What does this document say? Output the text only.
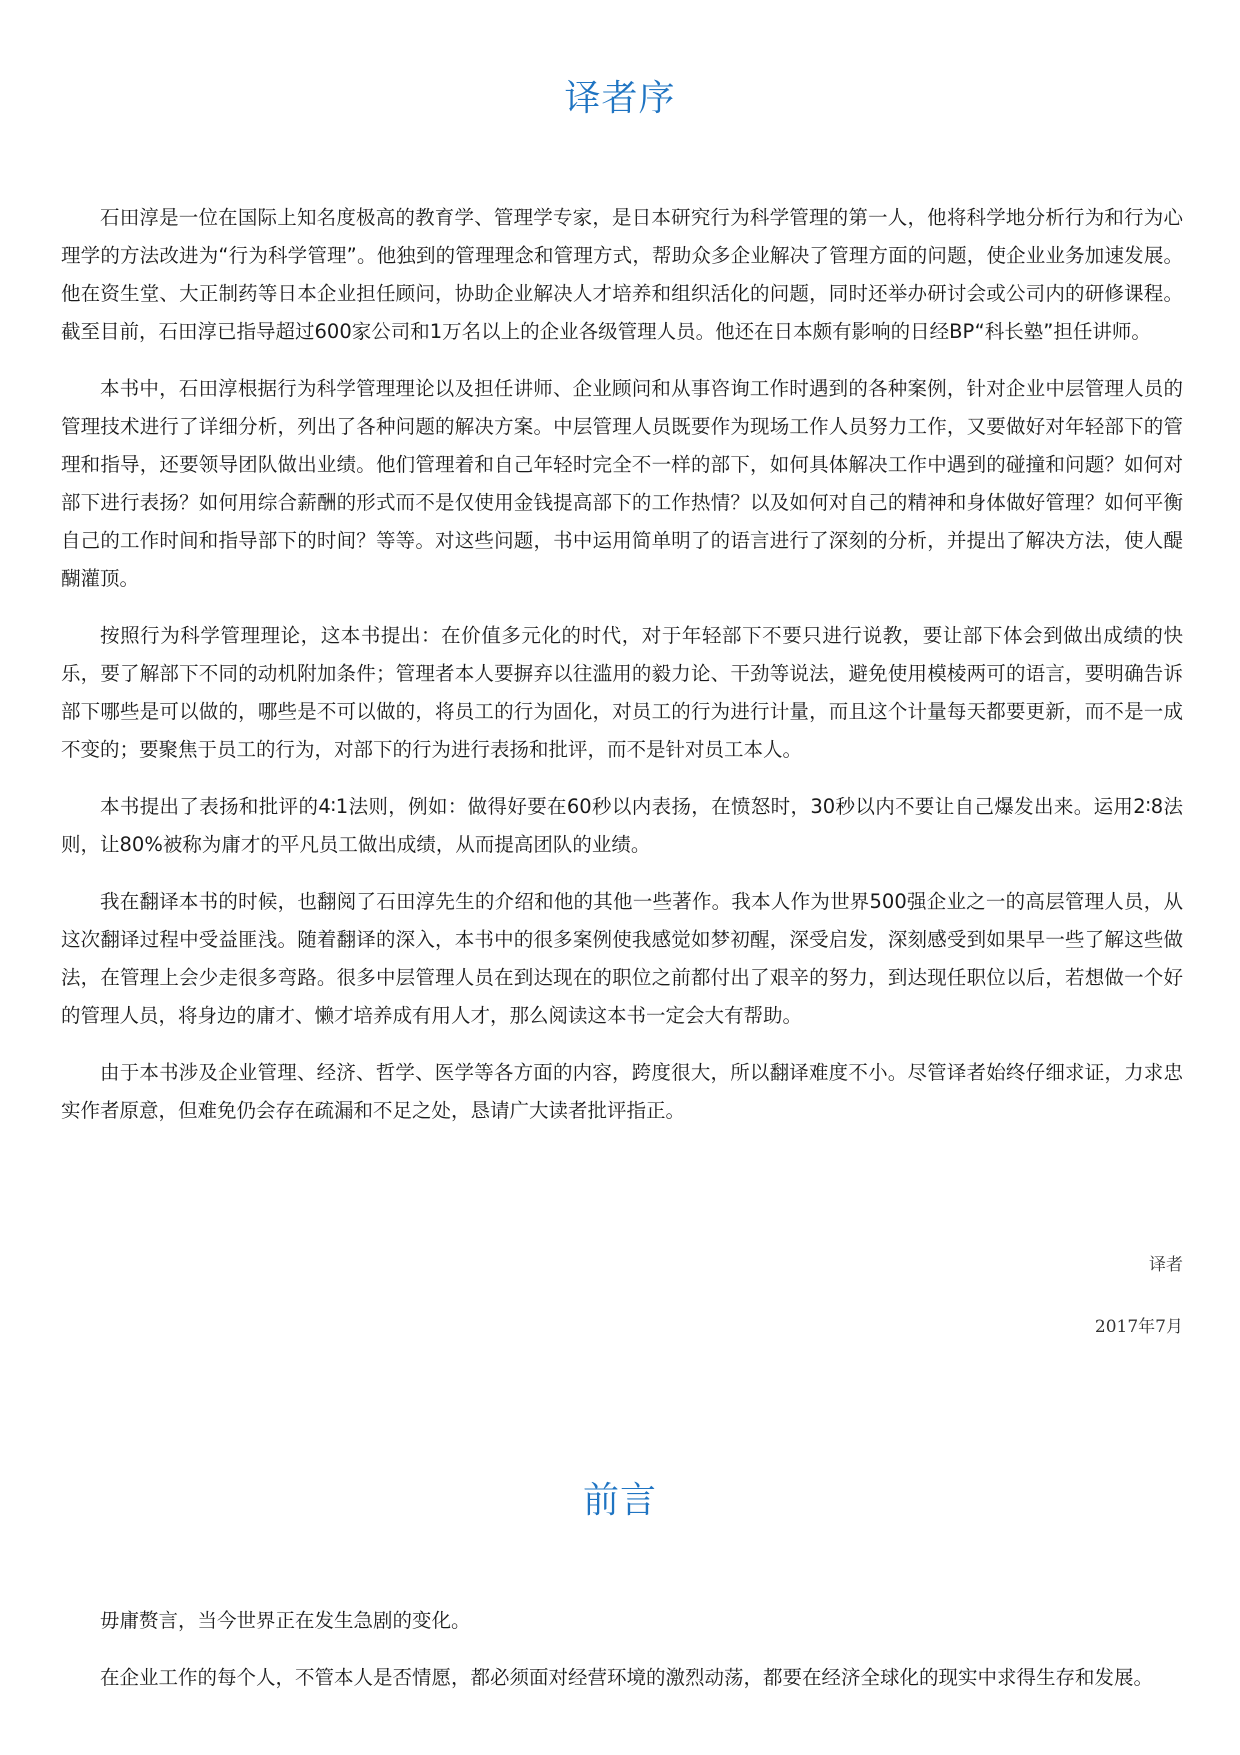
译者序

石田淳是一位在国际上知名度极高的教育学、管理学专家，是日本研究行为科学管理的第一人，他将科学地分析行为和行为心理学的方法改进为“行为科学管理”。他独到的管理理念和管理方式，帮助众多企业解决了管理方面的问题，使企业业务加速发展。他在资生堂、大正制药等日本企业担任顾问，协助企业解决人才培养和组织活化的问题，同时还举办研讨会或公司内的研修课程。截至目前，石田淳已指导超过600家公司和1万名以上的企业各级管理人员。他还在日本颇有影响的日经BP“科长塾”担任讲师。

本书中，石田淳根据行为科学管理理论以及担任讲师、企业顾问和从事咨询工作时遇到的各种案例，针对企业中层管理人员的管理技术进行了详细分析，列出了各种问题的解决方案。中层管理人员既要作为现场工作人员努力工作，又要做好对年轻部下的管理和指导，还要领导团队做出业绩。他们管理着和自己年轻时完全不一样的部下，如何具体解决工作中遇到的碰撞和问题？如何对部下进行表扬？如何用综合薪酬的形式而不是仅使用金钱提高部下的工作热情？以及如何对自己的精神和身体做好管理？如何平衡自己的工作时间和指导部下的时间？等等。对这些问题，书中运用简单明了的语言进行了深刻的分析，并提出了解决方法，使人醍醐灌顶。

按照行为科学管理理论，这本书提出：在价值多元化的时代，对于年轻部下不要只进行说教，要让部下体会到做出成绩的快乐，要了解部下不同的动机附加条件；管理者本人要摒弃以往滥用的毅力论、干劲等说法，避免使用模棱两可的语言，要明确告诉部下哪些是可以做的，哪些是不可以做的，将员工的行为固化，对员工的行为进行计量，而且这个计量每天都要更新，而不是一成不变的；要聚焦于员工的行为，对部下的行为进行表扬和批评，而不是针对员工本人。

本书提出了表扬和批评的4∶1法则，例如：做得好要在60秒以内表扬，在愤怒时，30秒以内不要让自己爆发出来。运用2∶8法则，让80%被称为庸才的平凡员工做出成绩，从而提高团队的业绩。

我在翻译本书的时候，也翻阅了石田淳先生的介绍和他的其他一些著作。我本人作为世界500强企业之一的高层管理人员，从这次翻译过程中受益匪浅。随着翻译的深入，本书中的很多案例使我感觉如梦初醒，深受启发，深刻感受到如果早一些了解这些做法，在管理上会少走很多弯路。很多中层管理人员在到达现在的职位之前都付出了艰辛的努力，到达现任职位以后，若想做一个好的管理人员，将身边的庸才、懒才培养成有用人才，那么阅读这本书一定会大有帮助。

由于本书涉及企业管理、经济、哲学、医学等各方面的内容，跨度很大，所以翻译难度不小。尽管译者始终仔细求证，力求忠实作者原意，但难免仍会存在疏漏和不足之处，恳请广大读者批评指正。

译者

2017年7月

前言

毋庸赘言，当今世界正在发生急剧的变化。

在企业工作的每个人，不管本人是否情愿，都必须面对经营环境的激烈动荡，都要在经济全球化的现实中求得生存和发展。
